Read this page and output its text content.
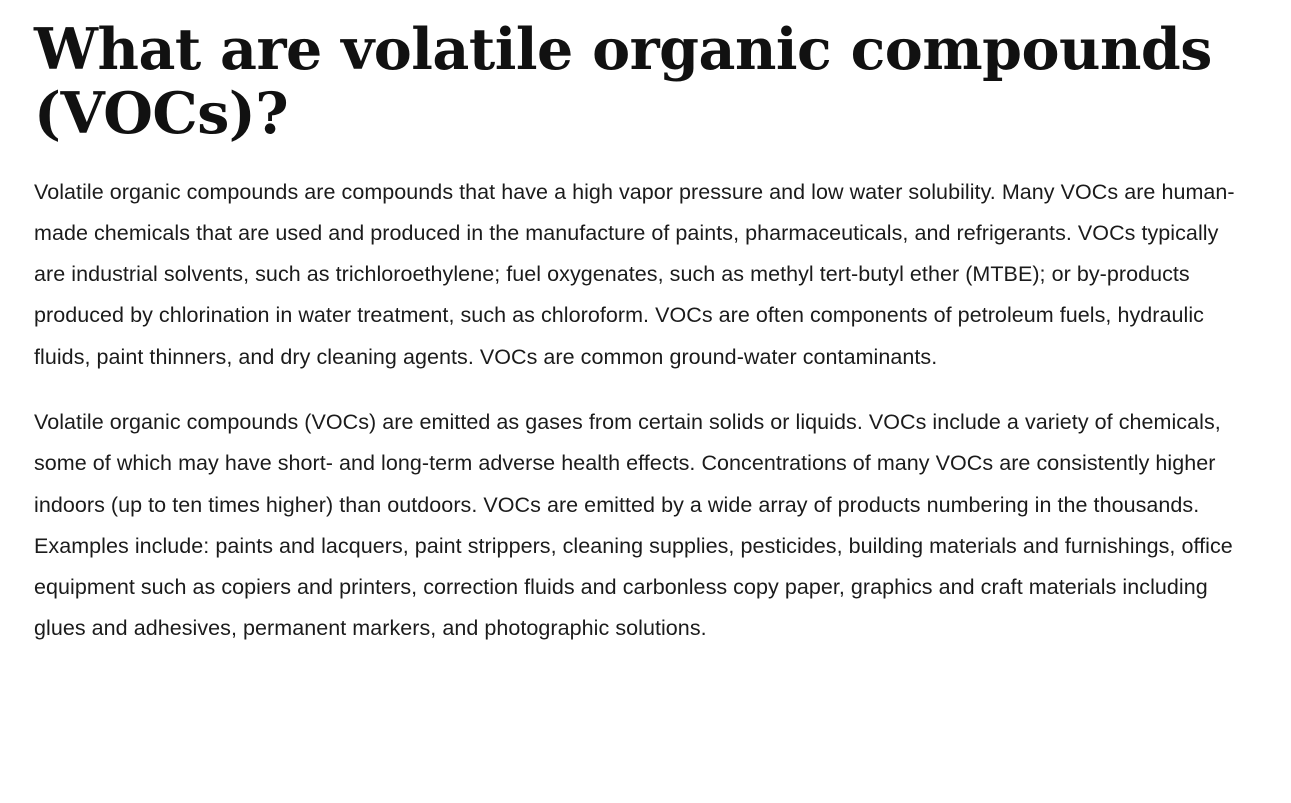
What are volatile organic compounds (VOCs)?

Volatile organic compounds are compounds that have a high vapor pressure and low water solubility. Many VOCs are human-made chemicals that are used and produced in the manufacture of paints, pharmaceuticals, and refrigerants. VOCs typically are industrial solvents, such as trichloroethylene; fuel oxygenates, such as methyl tert-butyl ether (MTBE); or by-products produced by chlorination in water treatment, such as chloroform. VOCs are often components of petroleum fuels, hydraulic fluids, paint thinners, and dry cleaning agents. VOCs are common ground-water contaminants.

Volatile organic compounds (VOCs) are emitted as gases from certain solids or liquids. VOCs include a variety of chemicals, some of which may have short- and long-term adverse health effects. Concentrations of many VOCs are consistently higher indoors (up to ten times higher) than outdoors. VOCs are emitted by a wide array of products numbering in the thousands. Examples include: paints and lacquers, paint strippers, cleaning supplies, pesticides, building materials and furnishings, office equipment such as copiers and printers, correction fluids and carbonless copy paper, graphics and craft materials including glues and adhesives, permanent markers, and photographic solutions.
